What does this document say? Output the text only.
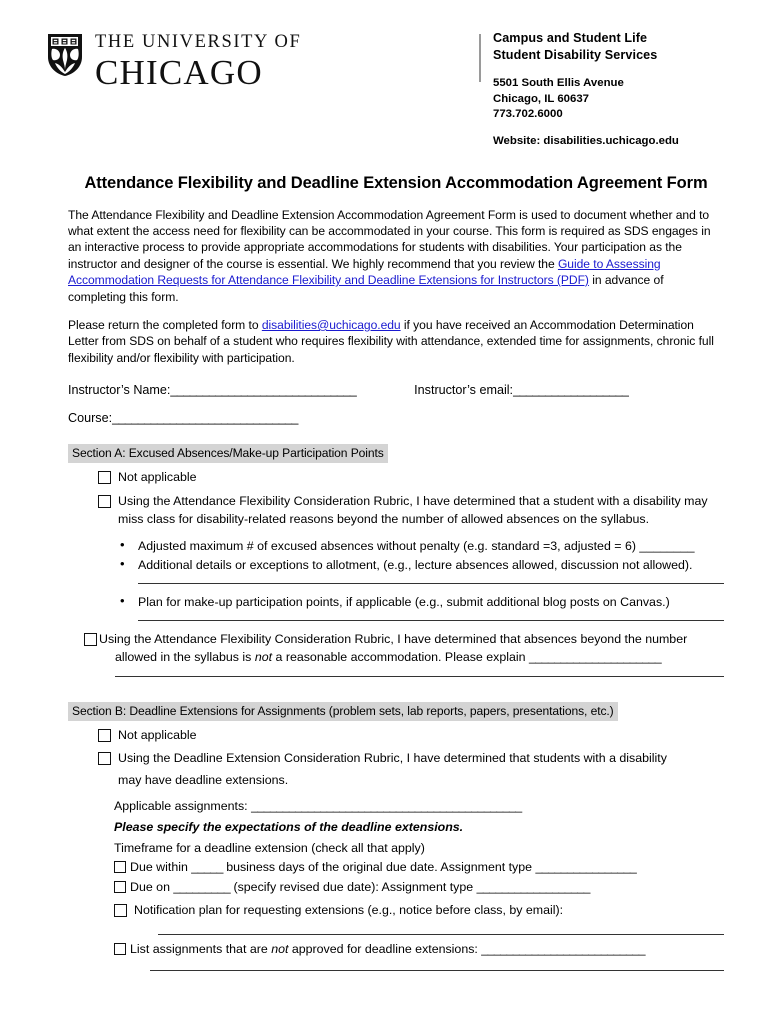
THE UNIVERSITY OF
CHICAGO
Campus and Student Life
Student Disability Services
5501 South Ellis Avenue
Chicago, IL 60637
773.702.6000
Website: disabilities.uchicago.edu
Attendance Flexibility and Deadline Extension Accommodation Agreement Form

The Attendance Flexibility and Deadline Extension Accommodation Agreement Form is used to document whether and to what extent the access need for flexibility can be accommodated in your course. This form is required as SDS engages in an interactive process to provide appropriate accommodations for students with disabilities. Your participation as the instructor and designer of the course is essential. We highly recommend that you review the Guide to Assessing Accommodation Requests for Attendance Flexibility and Deadline Extensions for Instructors (PDF) in advance of completing this form.

Please return the completed form to disabilities@uchicago.edu if you have received an Accommodation Determination Letter from SDS on behalf of a student who requires flexibility with attendance, extended time for assignments, chronic full flexibility and/or flexibility with participation.

Instructor’s Name: _____________________________	Instructor’s email: __________________
Course: _____________________________
Section A: Excused Absences/Make-up Participation Points
Not applicable
Using the Attendance Flexibility Consideration Rubric, I have determined that a student with a disability may
miss class for disability-related reasons beyond the number of allowed absences on the syllabus.
• Adjusted maximum # of excused absences without penalty (e.g. standard =3, adjusted = 6) ________
• Additional details or exceptions to allotment, (e.g., lecture absences allowed, discussion not allowed).
• Plan for make-up participation points, if applicable (e.g., submit additional blog posts on Canvas.)
Using the Attendance Flexibility Consideration Rubric, I have determined that absences beyond the number
allowed in the syllabus is not a reasonable accommodation. Please explain _____________________
Section B: Deadline Extensions for Assignments (problem sets, lab reports, papers, presentations, etc.)
Not applicable
Using the Deadline Extension Consideration Rubric, I have determined that students with a disability
may have deadline extensions.
Applicable assignments: ___________________________________________
Please specify the expectations of the deadline extensions.
Timeframe for a deadline extension (check all that apply)
Due within _____ business days of the original due date. Assignment type ________________
Due on _________ (specify revised due date): Assignment type __________________
Notification plan for requesting extensions (e.g., notice before class, by email):
List assignments that are not approved for deadline extensions: __________________________
